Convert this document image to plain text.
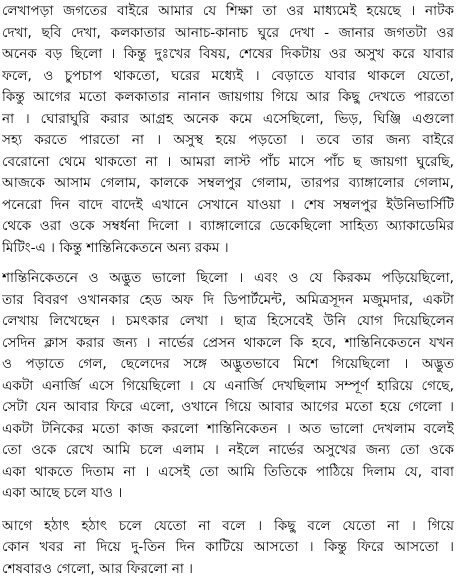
লেখাপড়া জগতের বাইরে আমার যে শিক্ষা তা ওর মাধ্যমেই হয়েছে । নাটক
দেখা, ছবি দেখা, কলকাতার আনাচ-কানাচ ঘুরে দেখা - জানার জগতটা ওর
অনেক বড় ছিলো । কিন্তু দুঃখের বিষয়, শেষের দিকটায় ওর অসুখ করে যাবার
ফলে, ও চুপচাপ থাকতো, ঘরের মধ্যেই । বেড়াতে যাবার থাকলে যেতো,
কিন্তু আগের মতো কলকাতার নানান জায়গায় গিয়ে আর কিছু দেখতে পারতো
না । ঘোরাঘুরি করার আগ্রহ অনেক কমে এসেছিলো, ভিড়, ঘিঞ্জি এগুলো
সহ্য করতে পারতো না । অসুস্থ হয়ে পড়তো । তবে তার জন্য বাইরে
বেরোনো থেমে থাকতো না । আমরা লাস্ট পাঁচ মাসে পাঁচ ছ জায়গা ঘুরেছি,
আজকে আসাম গেলাম, কালকে সম্বলপুর গেলাম, তারপর ব্যাঙ্গালোর গেলাম,
পনেরো দিন বাদে বাদেই এখানে সেখানে যাওয়া । শেষ সম্বলপুর ইউনিভার্সিটি
থেকে ওরা ওকে সম্বর্ধনা দিলো । ব্যাঙ্গালোরে ডেকেছিলো সাহিত্য অ্যাকাডেমির
মিটিং-এ । কিন্তু শান্তিনিকেতনে অন্য রকম ।
শান্তিনিকেতনে ও অদ্ভুত ভালো ছিলো । এবং ও যে কিরকম পড়িয়েছিলো,
তার বিবরণ ওখানকার হেড অফ দি ডিপার্টমেন্ট, অমিত্রসূদন মজুমদার, একটা
লেখায় লিখেছেন । চমৎকার লেখা । ছাত্র হিসেবেই উনি যোগ দিয়েছিলেন
সেদিন ক্লাস করার জন্য । নার্ভের প্রেসন থাকলে কি হবে, শান্তিনিকেতনে যখন
ও পড়াতে গেল, ছেলেদের সঙ্গে অদ্ভুতভাবে মিশে গিয়েছিলো । অদ্ভুত
একটা এনার্জি এসে গিয়েছিলো । যে এনার্জি দেখছিলাম সম্পূর্ণ হারিয়ে গেছে,
সেটা যেন আবার ফিরে এলো, ওখানে গিয়ে আবার আগের মতো হয়ে গেলো ।
একটা টনিকের মতো কাজ করলো শান্তিনিকেতন । অত ভালো দেখলাম বলেই
তো ওকে রেখে আমি চলে এলাম । নইলে নার্ভের অসুখের জন্য তো ওকে
একা থাকতে দিতাম না । এসেই তো আমি তিতিকে পাঠিয়ে দিলাম যে, বাবা
একা আছে চলে যাও ।
আগে হঠাৎ হঠাৎ চলে যেতো না বলে । কিছু বলে যেতো না । গিয়ে
কোন খবর না দিয়ে দু-তিন দিন কাটিয়ে আসতো । কিন্তু ফিরে আসতো ।
শেষবারও গেলো, আর ফিরলো না ।
